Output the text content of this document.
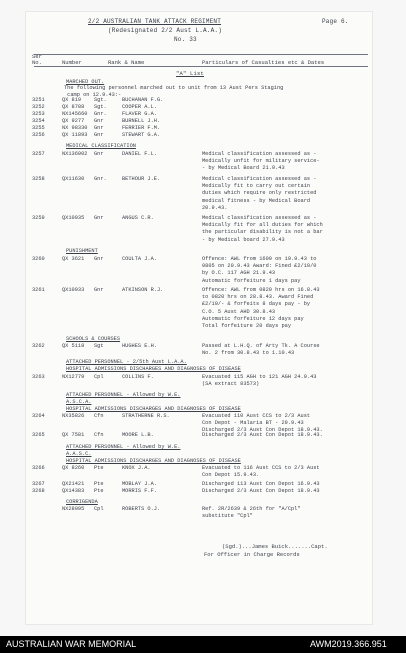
2/2 AUSTRALIAN TANK ATTACK REGIMENT	Page 6.
(Redesignated 2/2 Aust L.A.A.)
No. 33
Ser
No.	Number	Rank & Name	Particulars of Casualties etc & Dates
"A" List
MARCHED OUT.
The following personnel marched out to unit from 13 Aust Pers Staging
camp on 12.9.43:-
3251	QX 819 Sgt.	BUCHANAN F.G.
3252	QX 8788 Sgt.	COOPER A.L.
3253	NX145660 Gnr.	FLAVER G.A.
3254	QX 9277 Gnr	BURNELL J.H.
3255	NX 98330 Gnr	FERRIER F.M.
3256	QX 11893 Gnr	STEWART G.A.
MEDICAL CLASSIFICATION
3257	NX136902 Gnr	DANIEL F.L.	Medical classification assessed as -
Medically unfit for military service-
- by Medical Board 21.9.43
3258	QX11630 Gnr.	BETHOUR J.E.	Medical classification assessed as -
Medically fit to carry out certain
duties which require only restricted
medical fitness - by Medical Board
20.9.43.
3259	QX10035 Gnr	ANGUS C.R.	Medical classification assessed as -
Medically fit for all duties for which
the particular disability is not a bar
- by Medical board 27.9.43
PUNISHMENT
3260	QX 3621 Gnr	COULTA J.A.	Offence: AWL from 1600 on 19.9.43 to
0805 on 20.9.43 Award: Fined £2/10/0
by O.C. 117 AGH 21.9.43
Automatic forfeiture 1 days pay
3261	QX10933 Gnr	ATKINSON R.J.	Offence: AWL from 0820 hrs on 16.8.43
to 0820 hrs on 28.8.43. Award Fined
£2/10/- & forfeits 8 days pay - by
C.O. 5 Aust AHD 30.8.43
Automatic forfeiture 12 days pay
Total forfeiture 20 days pay
SCHOOLS & COURSES
3262	QX 5118 Sgt	HUGHES E.H.	Passed at L.H.Q. of Arty Tk. A Course
No. 2 from 30.8.43 to 1.10.43
ATTACHED PERSONNEL - 2/5th Aust L.A.A.
HOSPITAL ADMISSIONS DISCHARGES AND DIAGNOSES OF DISEASE
3263	NX12779 Cpl	COLLINS F.	Evacuated 115 AGH to 121 AGH 24.9.43
(SA extract 83573)
ATTACHED PERSONNEL - Allowed by W.E.
A.S.C.A.
HOSPITAL ADMISSIONS DISCHARGES AND DIAGNOSES OF DISEASE
3264	NX35826 Cfn	STRATHERNE R.S.	Evacuated 110 Aust CCS to 2/3 Aust
Con Depot - Malaria BT - 29.9.43
Discharged 2/3 Aust Con Depot 18.9.43.
3265	QX 7581 Cfn	MOORE L.B.	Discharged 2/3 Aust Con Depot 18.9.43.
ATTACHED PERSONNEL - Allowed by W.E.
A.A.S.C.
HOSPITAL ADMISSIONS DISCHARGES AND DIAGNOSES OF DISEASE
3266	QX 8260 Pte	KNOX J.A.	Evacuated to 116 Aust CCS to 2/3 Aust
Con Depot 15.9.43.
3267	QX21421 Pte	MOBLAY J.A.	Discharged 113 Aust Con Depot 16.9.43
3268	QX14383 Pte	MORRIS F.F.	Discharged 2/3 Aust Con Depot 18.9.43
CORRIGENDA
NX28095 Cpl	ROBERTS O.J.	Ref. 2R/2639 & 26th for "A/Cpl"
substitute "Cpl"
(Sgd.)...James Buick.......Capt.
For Officer in Charge Records
AUSTRALIAN WAR MEMORIAL	AWM2019.366.951
